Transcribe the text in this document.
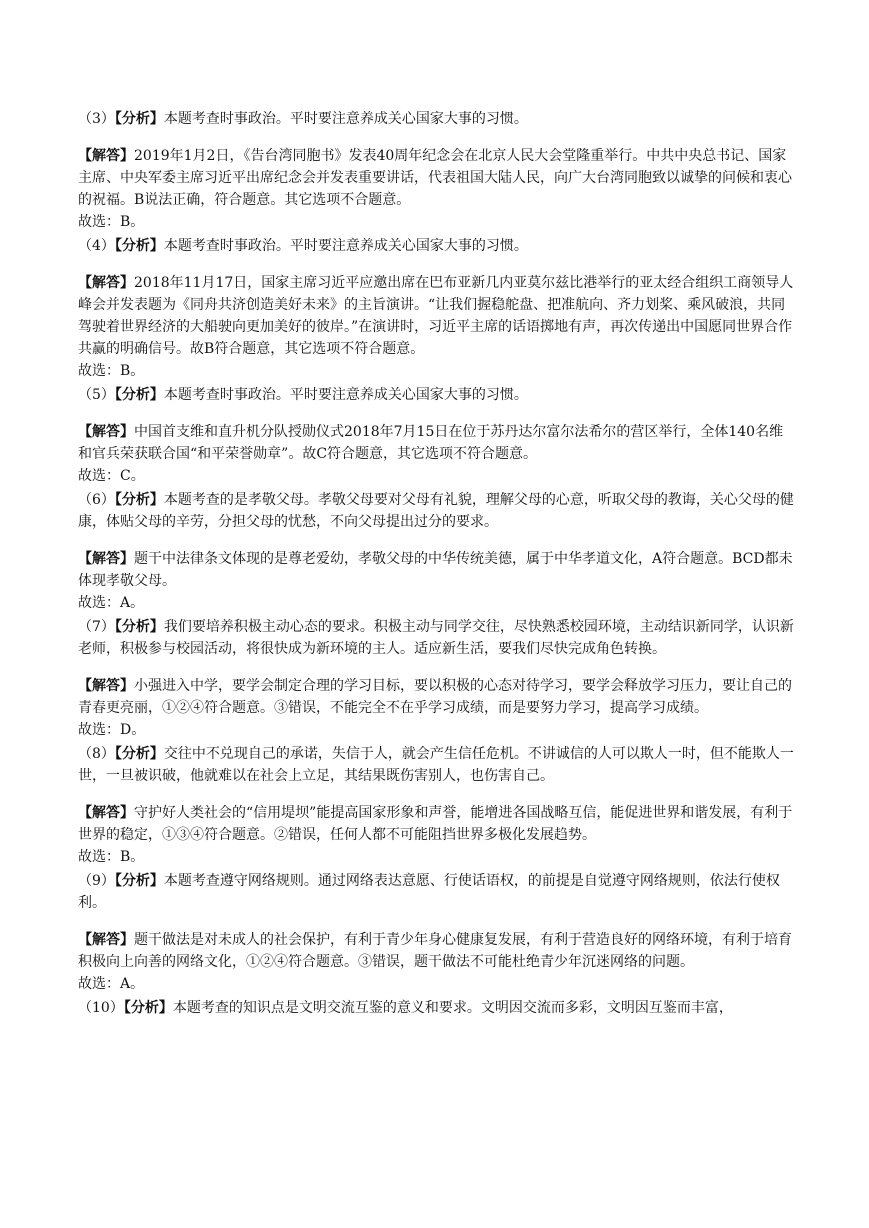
（3）【分析】本题考查时事政治。平时要注意养成关心国家大事的习惯。
【解答】2019年1月2日，《告台湾同胞书》发表40周年纪念会在北京人民大会堂隆重举行。中共中央总书记、国家主席、中央军委主席习近平出席纪念会并发表重要讲话，代表祖国大陆人民，向广大台湾同胞致以诚挚的问候和衷心的祝福。B说法正确，符合题意。其它选项不合题意。
故选：B。
（4）【分析】本题考查时事政治。平时要注意养成关心国家大事的习惯。
【解答】2018年11月17日，国家主席习近平应邀出席在巴布亚新几内亚莫尔兹比港举行的亚太经合组织工商领导人峰会并发表题为《同舟共济创造美好未来》的主旨演讲。“让我们握稳舵盘、把准航向、齐力划桨、乘风破浪，共同驾驶着世界经济的大船驶向更加美好的彼岸。”在演讲时，习近平主席的话语掷地有声，再次传递出中国愿同世界合作共赢的明确信号。故B符合题意，其它选项不符合题意。
故选：B。
（5）【分析】本题考查时事政治。平时要注意养成关心国家大事的习惯。
【解答】中国首支维和直升机分队授勋仪式2018年7月15日在位于苏丹达尔富尔法希尔的营区举行，全体140名维和官兵荣获联合国“和平荣誉勋章”。故C符合题意，其它选项不符合题意。
故选：C。
（6）【分析】本题考查的是孝敬父母。孝敬父母要对父母有礼貌，理解父母的心意，听取父母的教诲，关心父母的健康，体贴父母的辛劳，分担父母的忧愁，不向父母提出过分的要求。
【解答】题干中法律条文体现的是尊老爱幼，孝敬父母的中华传统美德，属于中华孝道文化，A符合题意。BCD都未体现孝敬父母。
故选：A。
（7）【分析】我们要培养积极主动心态的要求。积极主动与同学交往，尽快熟悉校园环境，主动结识新同学，认识新老师，积极参与校园活动，将很快成为新环境的主人。适应新生活，要我们尽快完成角色转换。
【解答】小强进入中学，要学会制定合理的学习目标，要以积极的心态对待学习，要学会释放学习压力，要让自己的青春更亮丽，①②④符合题意。③错误，不能完全不在乎学习成绩，而是要努力学习，提高学习成绩。
故选：D。
（8）【分析】交往中不兑现自己的承诺，失信于人，就会产生信任危机。不讲诚信的人可以欺人一时，但不能欺人一世，一旦被识破，他就难以在社会上立足，其结果既伤害别人，也伤害自己。
【解答】守护好人类社会的“信用堤坝”能提高国家形象和声誉，能增进各国战略互信，能促进世界和谐发展，有利于世界的稳定，①③④符合题意。②错误，任何人都不可能阻挡世界多极化发展趋势。
故选：B。
（9）【分析】本题考查遵守网络规则。通过网络表达意愿、行使话语权，的前提是自觉遵守网络规则，依法行使权利。
【解答】题干做法是对未成人的社会保护，有利于青少年身心健康复发展，有利于营造良好的网络环境，有利于培育积极向上向善的网络文化，①②④符合题意。③错误，题干做法不可能杜绝青少年沉迷网络的问题。
故选：A。
（10）【分析】本题考查的知识点是文明交流互鉴的意义和要求。文明因交流而多彩，文明因互鉴而丰富，
